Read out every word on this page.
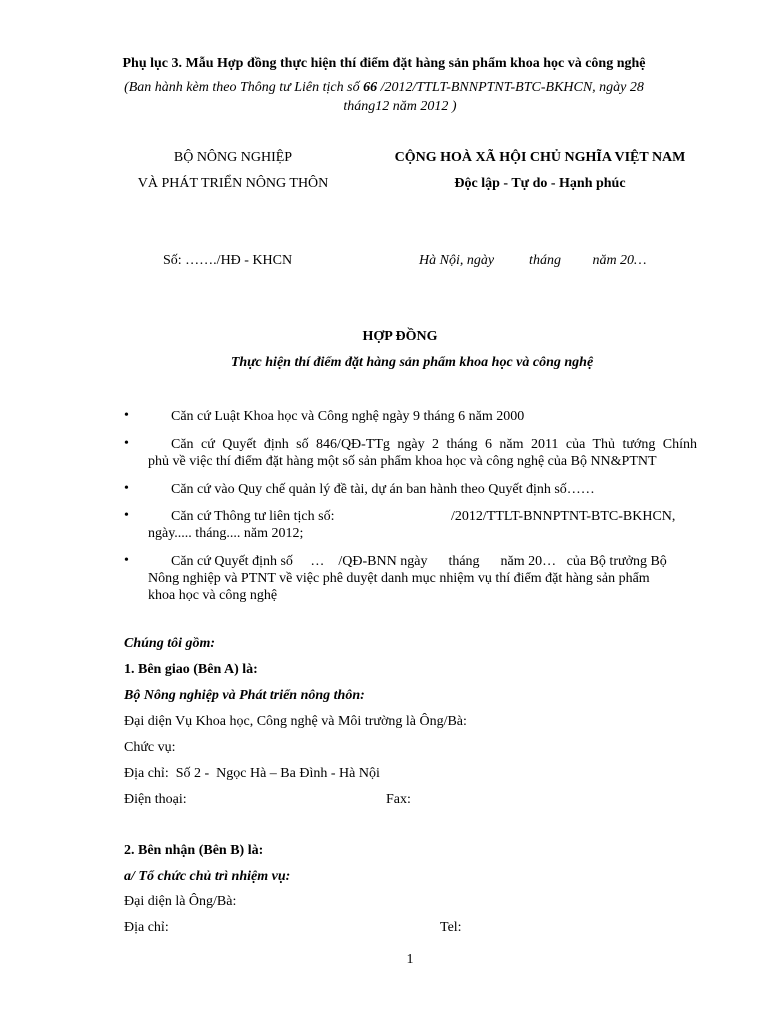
Phụ lục 3. Mẫu Hợp đồng thực hiện thí điểm đặt hàng sản phẩm khoa học và công nghệ
(Ban hành kèm theo Thông tư Liên tịch số 66 /2012/TTLT-BNNPTNT-BTC-BKHCN, ngày 28
tháng12 năm 2012 )
BỘ NÔNG NGHIỆP
VÀ PHÁT TRIỂN NÔNG THÔN
CỘNG HOÀ XÃ HỘI CHỦ NGHĨA VIỆT NAM
Độc lập - Tự do - Hạnh phúc
Số: ……./HĐ - KHCN	Hà Nội, ngày          tháng         năm 20…
HỢP ĐỒNG
Thực hiện thí điểm đặt hàng sản phẩm khoa học và công nghệ
•	Căn cứ Luật Khoa học và Công nghệ ngày 9 tháng 6 năm 2000
•	Căn cứ Quyết định số 846/QĐ-TTg ngày 2 tháng 6 năm 2011 của Thủ tướng Chính
phủ về việc thí điểm đặt hàng một số sản phẩm khoa học và công nghệ của Bộ NN&PTNT
•	Căn cứ vào Quy chế quản lý đề tài, dự án ban hành theo Quyết định số……
•	Căn cứ Thông tư liên tịch số:	/2012/TTLT-BNNPTNT-BTC-BKHCN,
ngày..... tháng.... năm 2012;
•	Căn cứ Quyết định số     …    /QĐ-BNN ngày      tháng      năm 20…   của Bộ trưởng Bộ
Nông nghiệp và PTNT về việc phê duyệt danh mục nhiệm vụ thí điểm đặt hàng sản phẩm
khoa học và công nghệ
Chúng tôi gồm:
1. Bên giao (Bên A) là:
Bộ Nông nghiệp và Phát triển nông thôn:
Đại diện Vụ Khoa học, Công nghệ và Môi trường là Ông/Bà:
Chức vụ:
Địa chỉ:  Số 2 -  Ngọc Hà – Ba Đình - Hà Nội
Điện thoại:	Fax:
2. Bên nhận (Bên B) là:
a/ Tổ chức chủ trì nhiệm vụ:
Đại diện là Ông/Bà:
Địa chỉ:	Tel:
1
